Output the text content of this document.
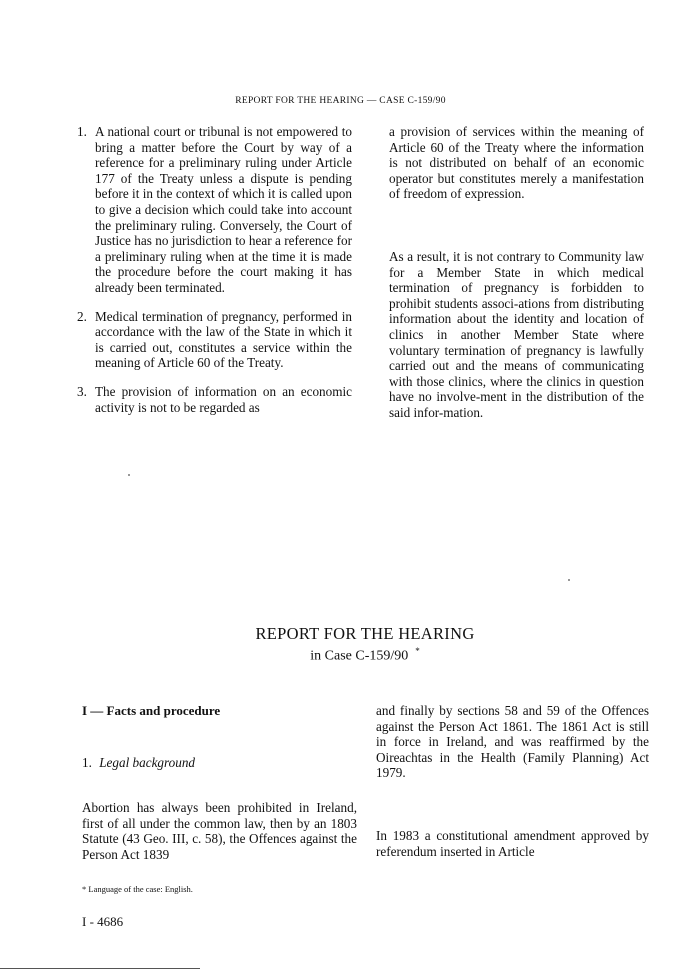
REPORT FOR THE HEARING — CASE C-159/90
1. A national court or tribunal is not empowered to bring a matter before the Court by way of a reference for a preliminary ruling under Article 177 of the Treaty unless a dispute is pending before it in the context of which it is called upon to give a decision which could take into account the preliminary ruling. Conversely, the Court of Justice has no jurisdiction to hear a reference for a preliminary ruling when at the time it is made the procedure before the court making it has already been terminated.
2. Medical termination of pregnancy, performed in accordance with the law of the State in which it is carried out, constitutes a service within the meaning of Article 60 of the Treaty.
3. The provision of information on an economic activity is not to be regarded as

a provision of services within the meaning of Article 60 of the Treaty where the information is not distributed on behalf of an economic operator but constitutes merely a manifestation of freedom of expression.

As a result, it is not contrary to Community law for a Member State in which medical termination of pregnancy is forbidden to prohibit students associ-ations from distributing information about the identity and location of clinics in another Member State where voluntary termination of pregnancy is lawfully carried out and the means of communicating with those clinics, where the clinics in question have no involve-ment in the distribution of the said infor-mation.

REPORT FOR THE HEARING
in Case C-159/90 *
I — Facts and procedure
1. Legal background

Abortion has always been prohibited in Ireland, first of all under the common law, then by an 1803 Statute (43 Geo. III, c. 58), the Offences against the Person Act 1839

and finally by sections 58 and 59 of the Offences against the Person Act 1861. The 1861 Act is still in force in Ireland, and was reaffirmed by the Oireachtas in the Health (Family Planning) Act 1979.

In 1983 a constitutional amendment approved by referendum inserted in Article

* Language of the case: English.
I - 4686
